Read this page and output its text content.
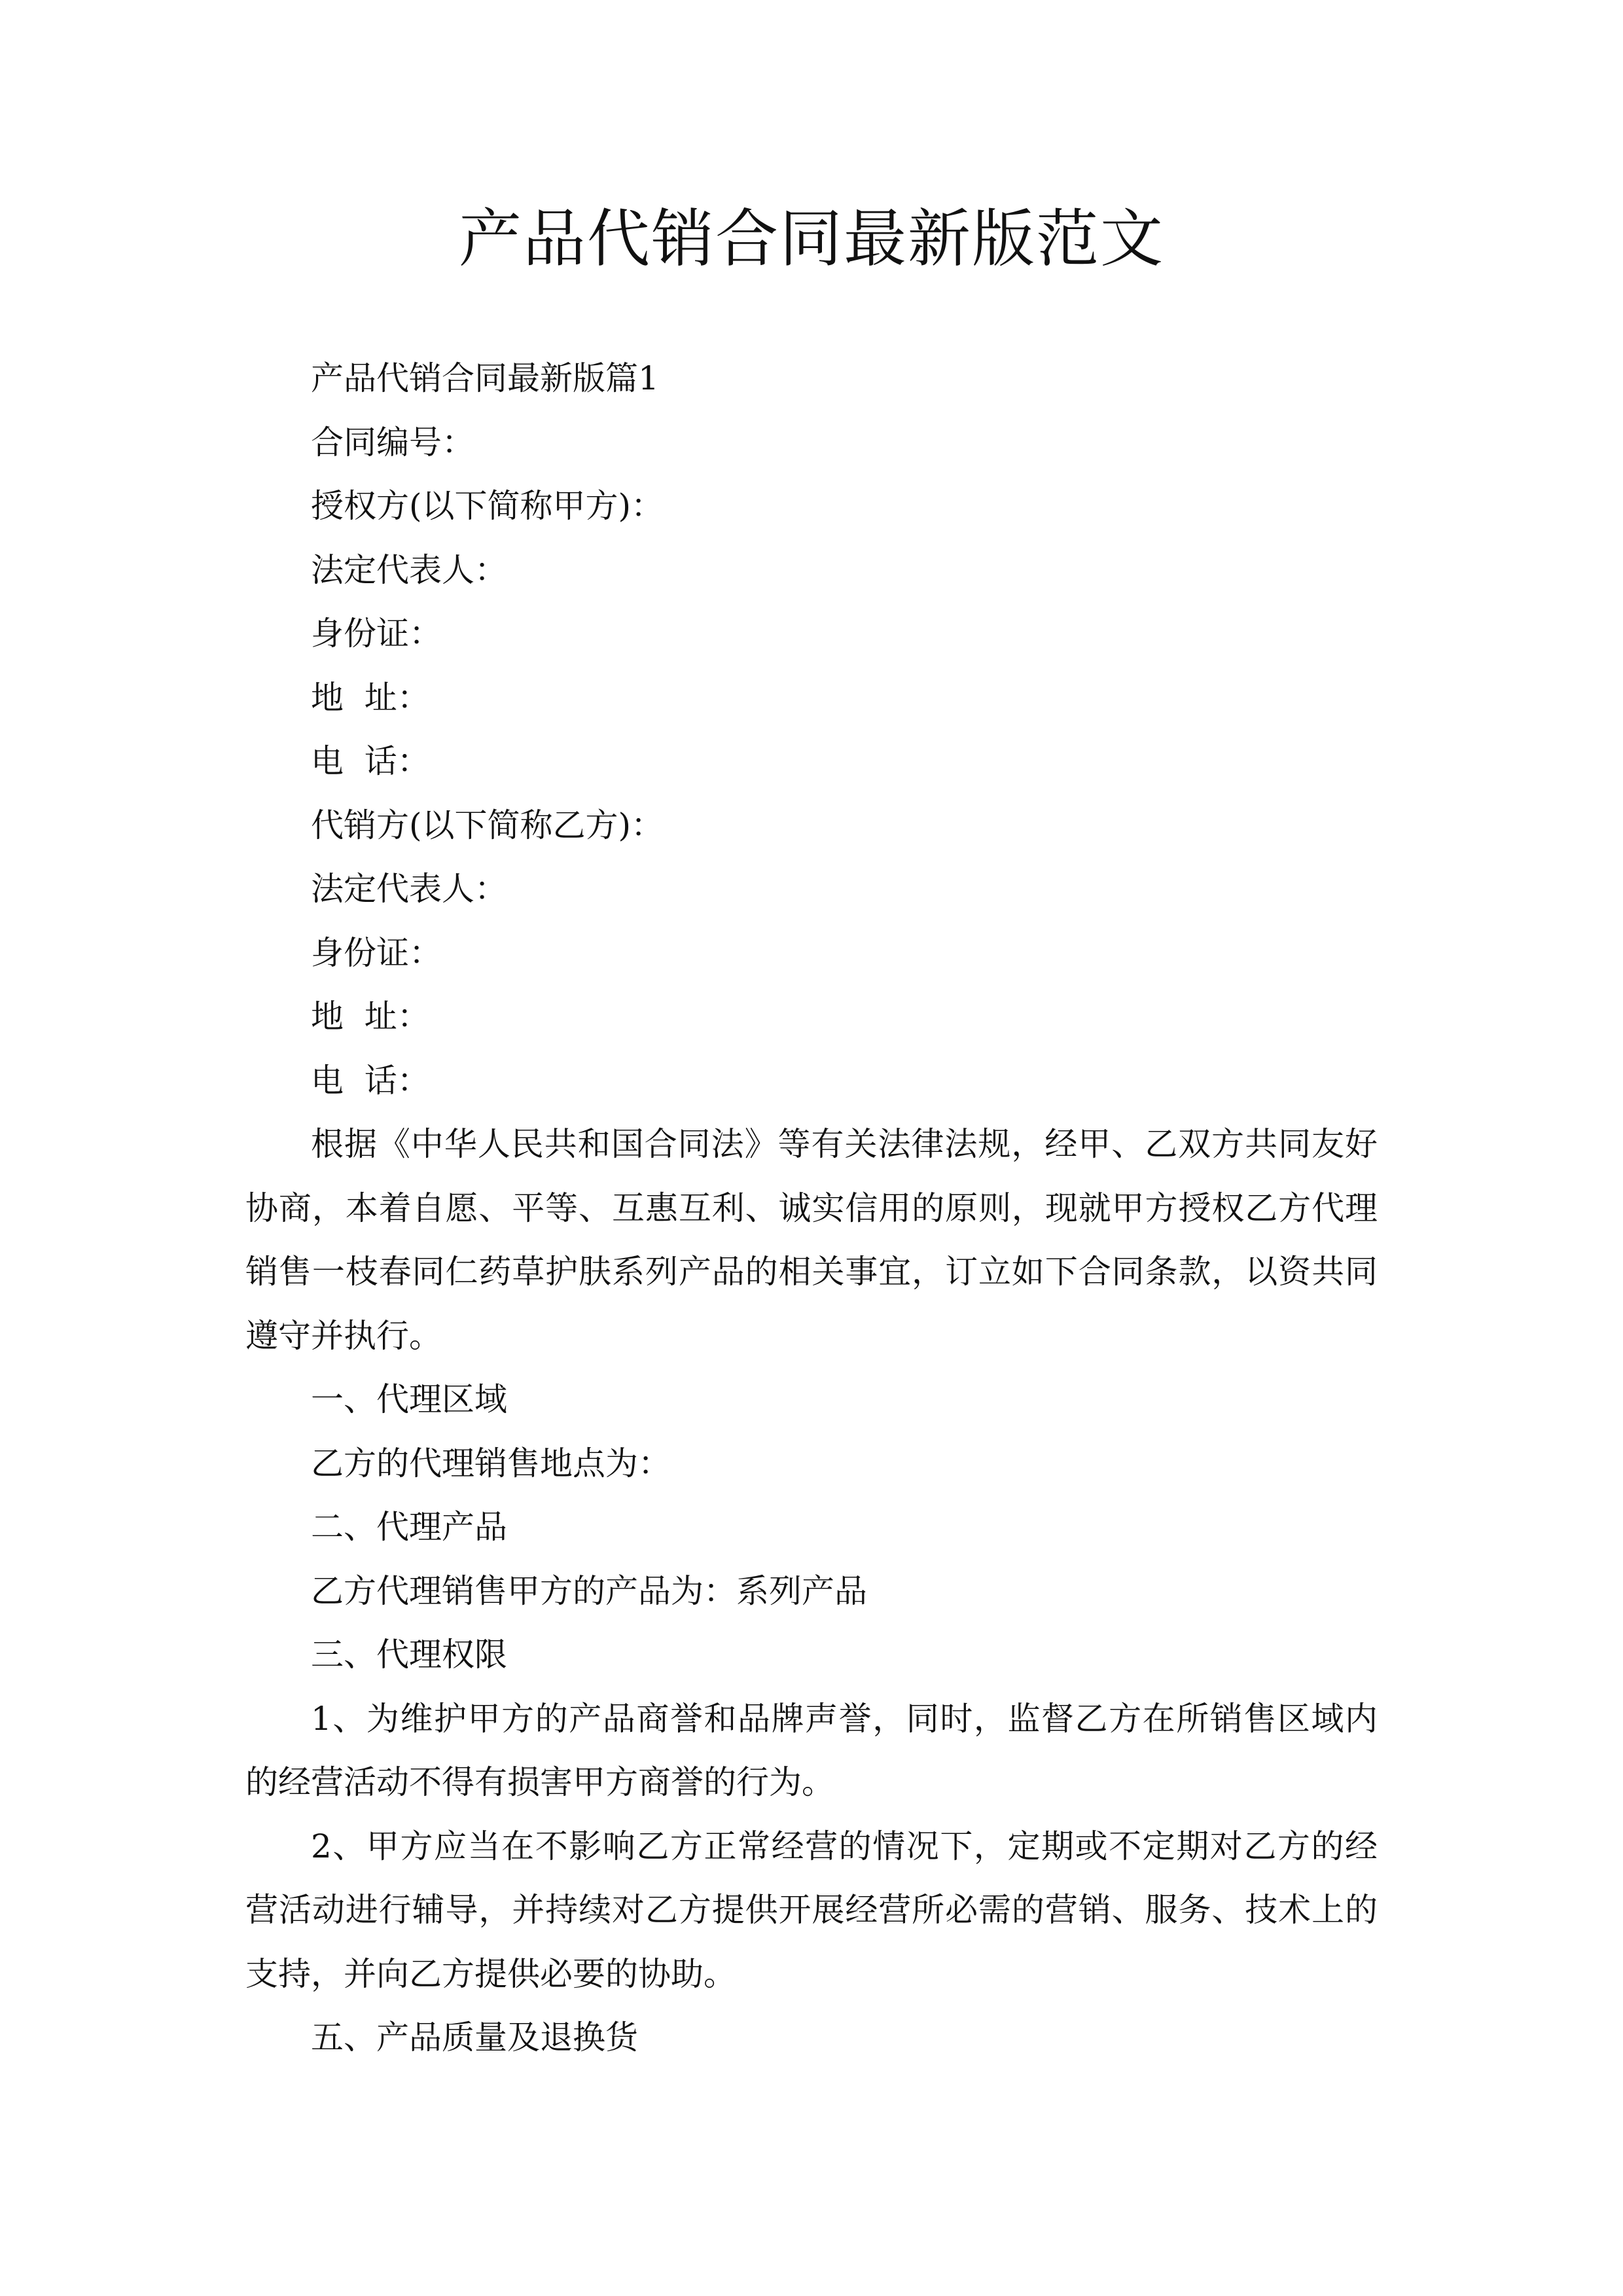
产品代销合同最新版范文

产品代销合同最新版篇1

合同编号：

授权方(以下简称甲方)：

法定代表人：

身份证：

地  址：

电  话：

代销方(以下简称乙方)：

法定代表人：

身份证：

地  址：

电  话：

根据《中华人民共和国合同法》等有关法律法规，经甲、乙双方共同友好协商，本着自愿、平等、互惠互利、诚实信用的原则，现就甲方授权乙方代理销售一枝春同仁药草护肤系列产品的相关事宜，订立如下合同条款，以资共同遵守并执行。

一、代理区域

乙方的代理销售地点为：

二、代理产品

乙方代理销售甲方的产品为：系列产品

三、代理权限

1、为维护甲方的产品商誉和品牌声誉，同时，监督乙方在所销售区域内的经营活动不得有损害甲方商誉的行为。

2、甲方应当在不影响乙方正常经营的情况下，定期或不定期对乙方的经营活动进行辅导，并持续对乙方提供开展经营所必需的营销、服务、技术上的支持，并向乙方提供必要的协助。

五、产品质量及退换货
